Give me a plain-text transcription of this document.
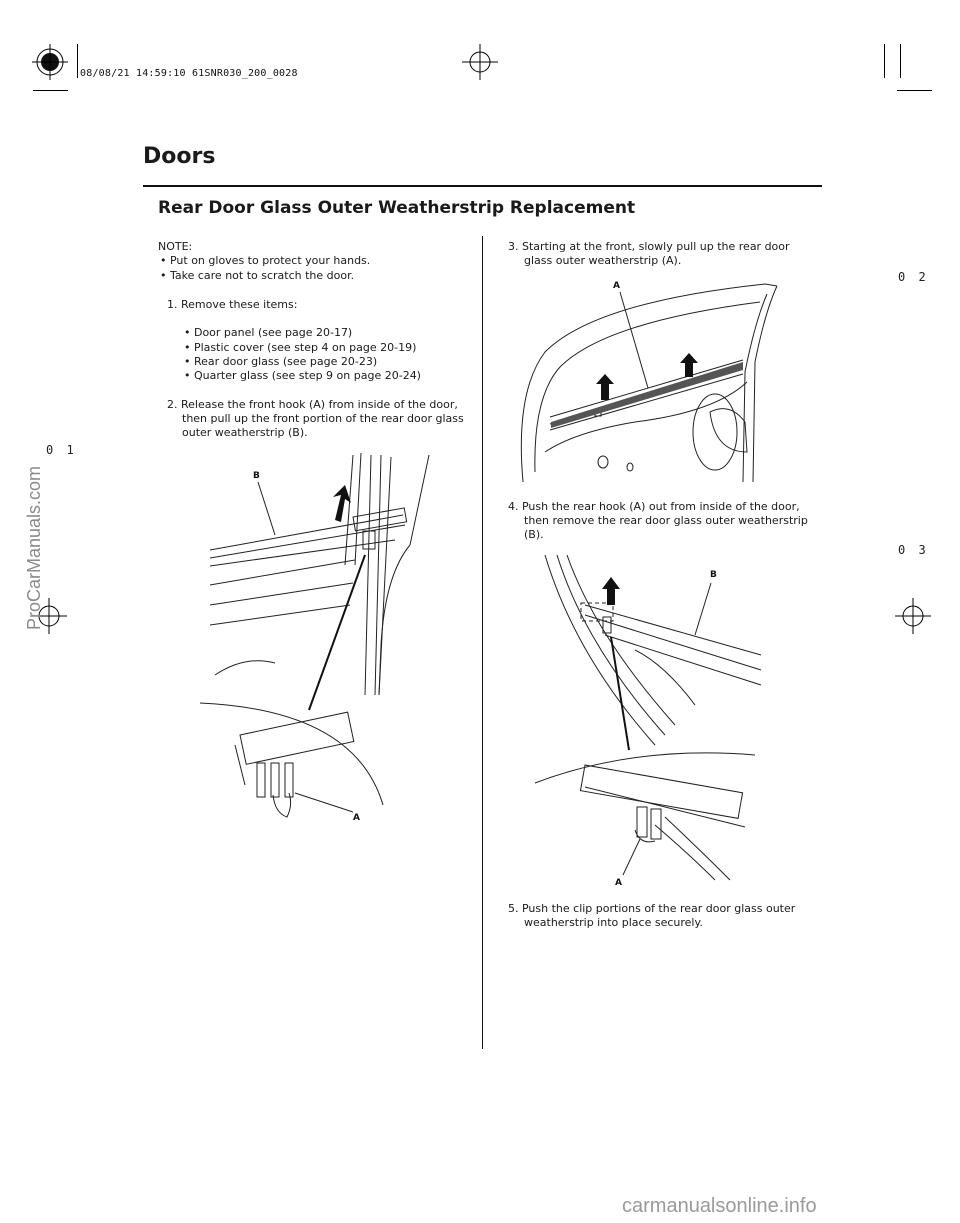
08/08/21 14:59:10 61SNR030_200_0028
Doors
Rear Door Glass Outer Weatherstrip Replacement
0 2
0 1
0 3
ProCarManuals.com
NOTE:
• Put on gloves to protect your hands.
• Take care not to scratch the door.
1. Remove these items:
• Door panel (see page 20-17)
• Plastic cover (see step 4 on page 20-19)
• Rear door glass (see page 20-23)
• Quarter glass (see step 9 on page 20-24)
2. Release the front hook (A) from inside of the door,
then pull up the front portion of the rear door glass
outer weatherstrip (B).
B
A
3. Starting at the front, slowly pull up the rear door
glass outer weatherstrip (A).
4. Push the rear hook (A) out from inside of the door,
then remove the rear door glass outer weatherstrip
(B).
5. Push the clip portions of the rear door glass outer
weatherstrip into place securely.
A
B
A
carmanualsonline.info
